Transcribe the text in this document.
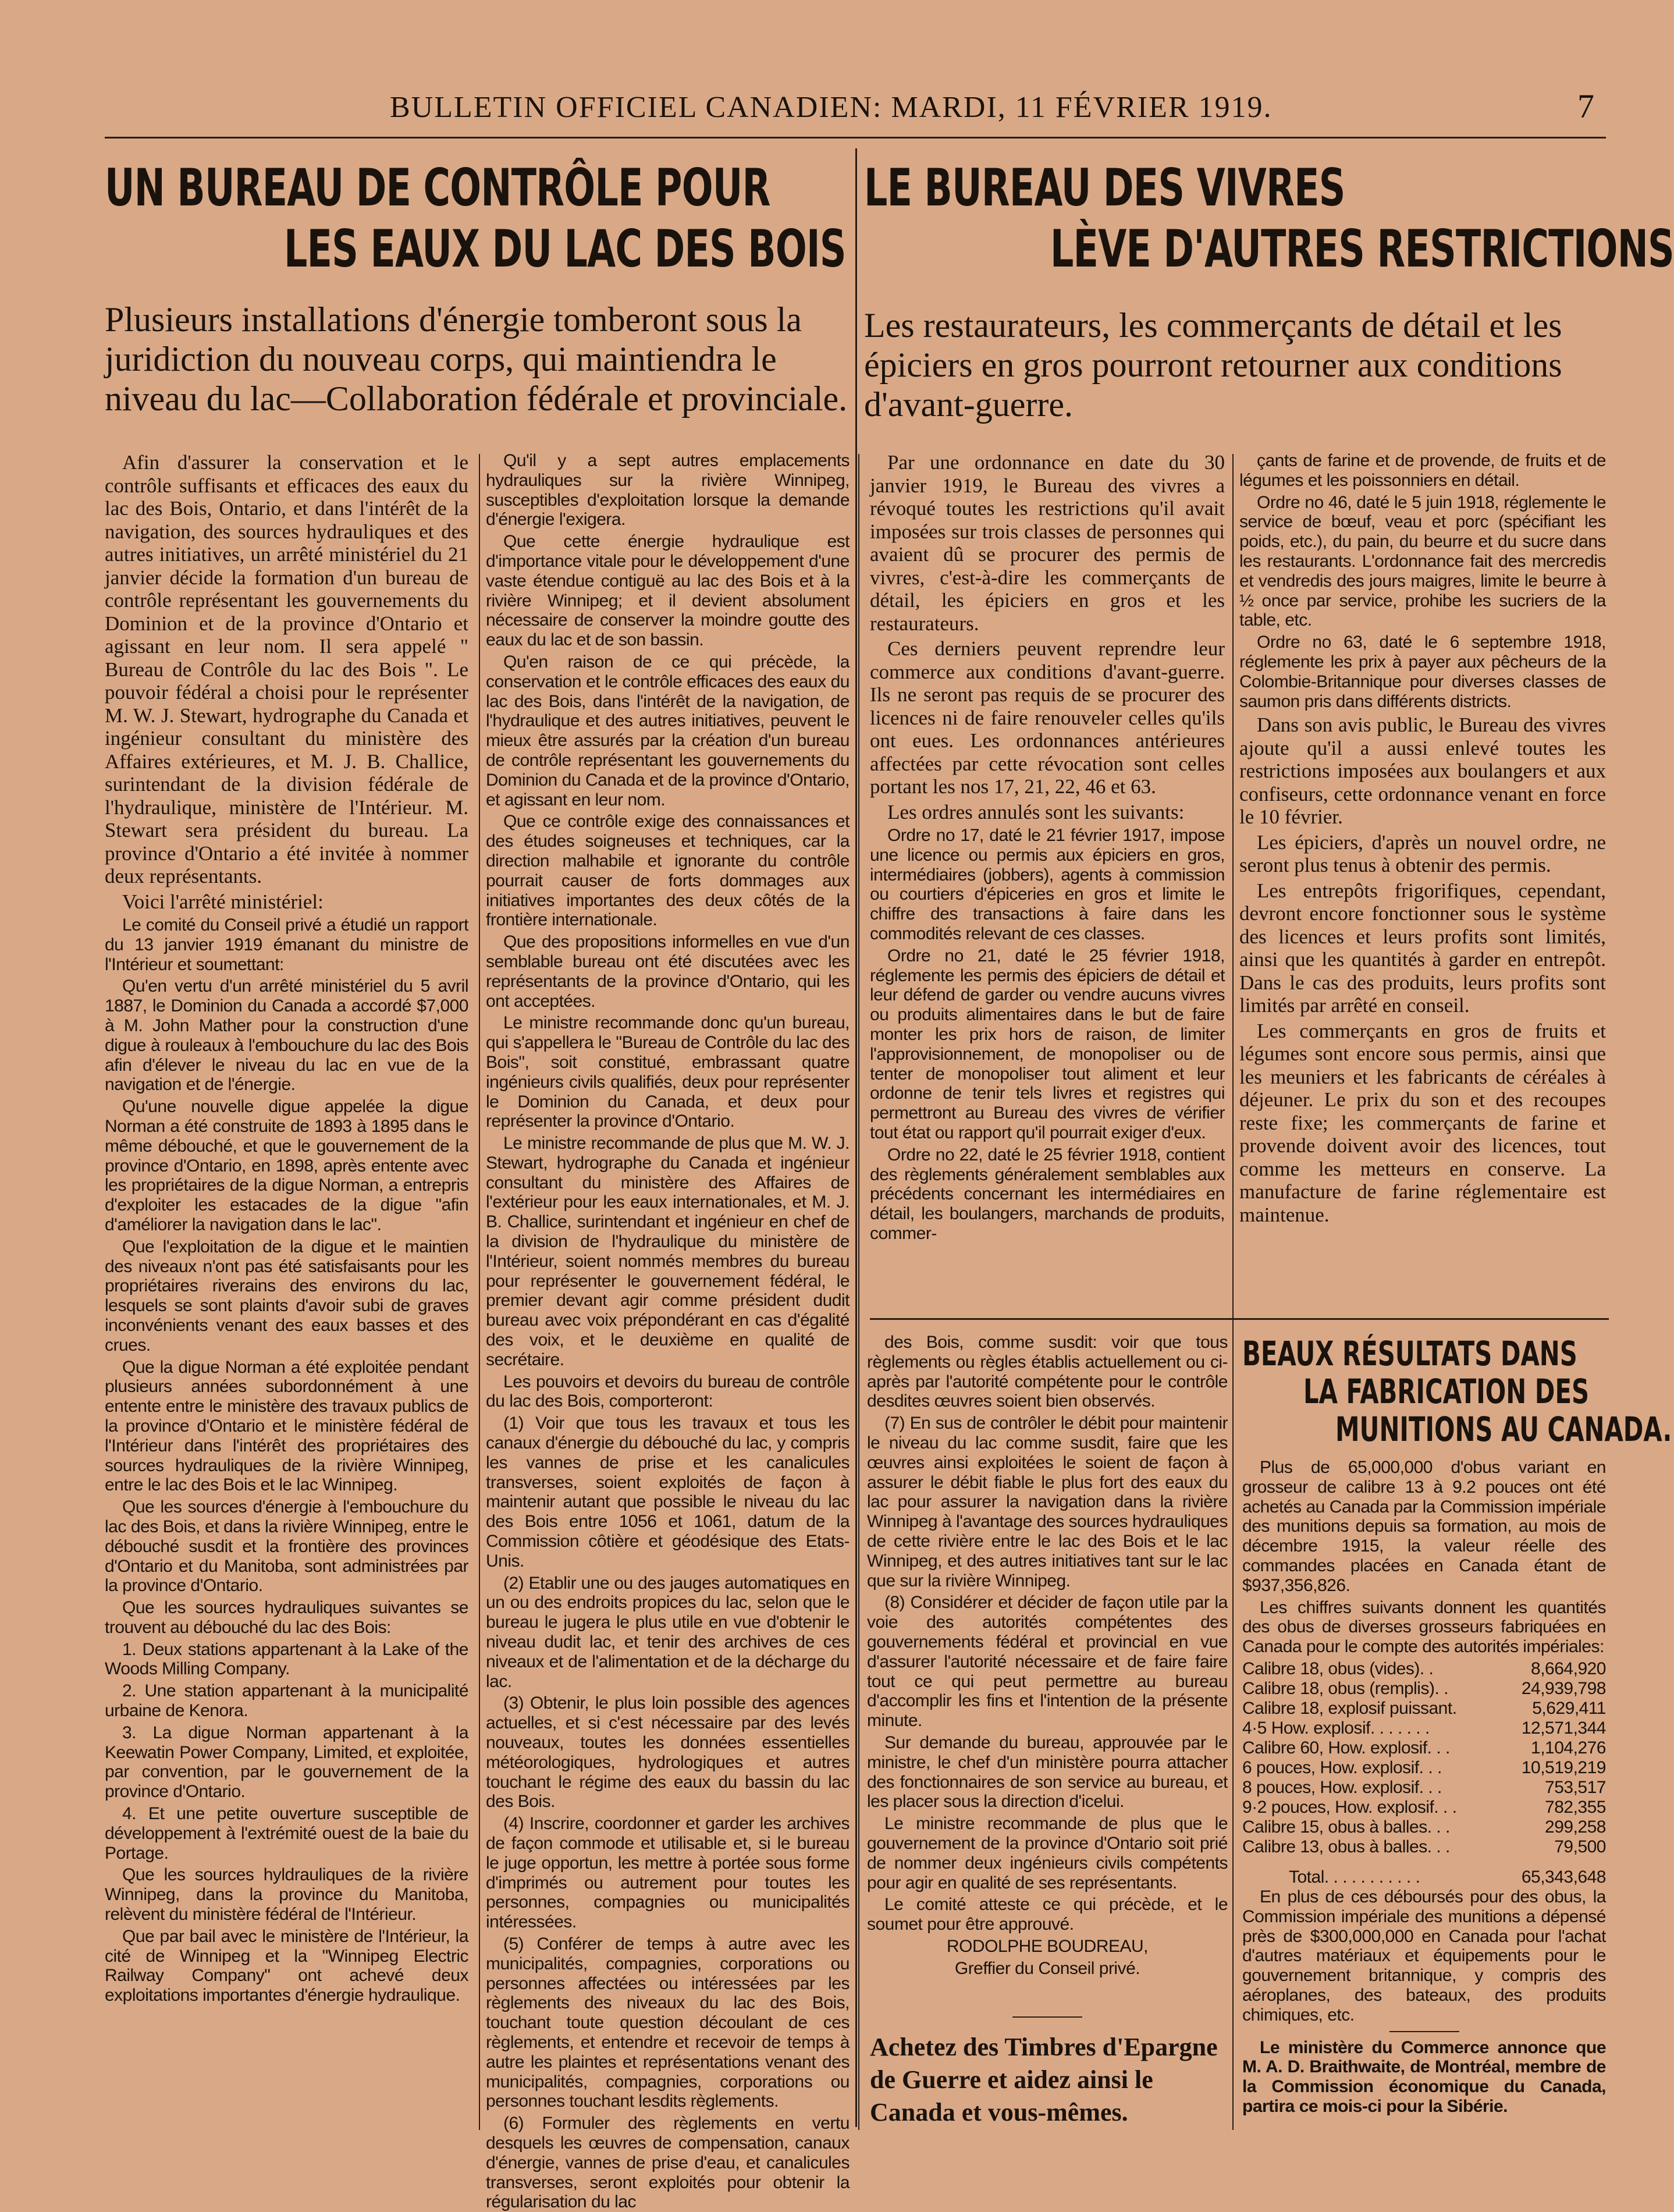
BULLETIN OFFICIEL CANADIEN: MARDI, 11 FÉVRIER 1919.	7
UN BUREAU DE CONTRÔLE POUR
LES EAUX DU LAC DES BOIS
Plusieurs installations d'énergie tomberont sous la juridiction du nouveau corps, qui maintiendra le niveau du lac—Collaboration fédérale et provinciale.

Afin d'assurer la conservation et le contrôle suffisants et efficaces des eaux du lac des Bois, Ontario, et dans l'intérêt de la navigation, des sources hydrauliques et des autres initiatives, un arrêté ministériel du 21 janvier décide la formation d'un bureau de contrôle représentant les gouvernements du Dominion et de la province d'Ontario et agissant en leur nom. Il sera appelé " Bureau de Contrôle du lac des Bois ". Le pouvoir fédéral a choisi pour le représenter M. W. J. Stewart, hydrographe du Canada et ingénieur consultant du ministère des Affaires extérieures, et M. J. B. Challice, surintendant de la division fédérale de l'hydraulique, ministère de l'Intérieur. M. Stewart sera président du bureau. La province d'Ontario a été invitée à nommer deux représentants.

Voici l'arrêté ministériel:

Le comité du Conseil privé a étudié un rapport du 13 janvier 1919 émanant du ministre de l'Intérieur et soumettant:

Qu'en vertu d'un arrêté ministériel du 5 avril 1887, le Dominion du Canada a accordé $7,000 à M. John Mather pour la construction d'une digue à rouleaux à l'embouchure du lac des Bois afin d'élever le niveau du lac en vue de la navigation et de l'énergie.

Qu'une nouvelle digue appelée la digue Norman a été construite de 1893 à 1895 dans le même débouché, et que le gouvernement de la province d'Ontario, en 1898, après entente avec les propriétaires de la digue Norman, a entrepris d'exploiter les estacades de la digue "afin d'améliorer la navigation dans le lac".

Que l'exploitation de la digue et le maintien des niveaux n'ont pas été satisfaisants pour les propriétaires riverains des environs du lac, lesquels se sont plaints d'avoir subi de graves inconvénients venant des eaux basses et des crues.

Que la digue Norman a été exploitée pendant plusieurs années subordonnément à une entente entre le ministère des travaux publics de la province d'Ontario et le ministère fédéral de l'Intérieur dans l'intérêt des propriétaires des sources hydrauliques de la rivière Winnipeg, entre le lac des Bois et le lac Winnipeg.

Que les sources d'énergie à l'embouchure du lac des Bois, et dans la rivière Winnipeg, entre le débouché susdit et la frontière des provinces d'Ontario et du Manitoba, sont administrées par la province d'Ontario.

Que les sources hydrauliques suivantes se trouvent au débouché du lac des Bois:

1. Deux stations appartenant à la Lake of the Woods Milling Company.

2. Une station appartenant à la municipalité urbaine de Kenora.

3. La digue Norman appartenant à la Keewatin Power Company, Limited, et exploitée, par convention, par le gouvernement de la province d'Ontario.

4. Et une petite ouverture susceptible de développement à l'extrémité ouest de la baie du Portage.

Que les sources hyldrauliques de la rivière Winnipeg, dans la province du Manitoba, relèvent du ministère fédéral de l'Intérieur.

Que par bail avec le ministère de l'Intérieur, la cité de Winnipeg et la "Winnipeg Electric Railway Company" ont achevé deux exploitations importantes d'énergie hydraulique.

Qu'il y a sept autres emplacements hydrauliques sur la rivière Winnipeg, susceptibles d'exploitation lorsque la demande d'énergie l'exigera.

Que cette énergie hydraulique est d'importance vitale pour le développement d'une vaste étendue contiguë au lac des Bois et à la rivière Winnipeg; et il devient absolument nécessaire de conserver la moindre goutte des eaux du lac et de son bassin.

Qu'en raison de ce qui précède, la conservation et le contrôle efficaces des eaux du lac des Bois, dans l'intérêt de la navigation, de l'hydraulique et des autres initiatives, peuvent le mieux être assurés par la création d'un bureau de contrôle représentant les gouvernements du Dominion du Canada et de la province d'Ontario, et agissant en leur nom.

Que ce contrôle exige des connaissances et des études soigneuses et techniques, car la direction malhabile et ignorante du contrôle pourrait causer de forts dommages aux initiatives importantes des deux côtés de la frontière internationale.

Que des propositions informelles en vue d'un semblable bureau ont été discutées avec les représentants de la province d'Ontario, qui les ont acceptées.

Le ministre recommande donc qu'un bureau, qui s'appellera le "Bureau de Contrôle du lac des Bois", soit constitué, embrassant quatre ingénieurs civils qualifiés, deux pour représenter le Dominion du Canada, et deux pour représenter la province d'Ontario.

Le ministre recommande de plus que M. W. J. Stewart, hydrographe du Canada et ingénieur consultant du ministère des Affaires de l'extérieur pour les eaux internationales, et M. J. B. Challice, surintendant et ingénieur en chef de la division de l'hydraulique du ministère de l'Intérieur, soient nommés membres du bureau pour représenter le gouvernement fédéral, le premier devant agir comme président dudit bureau avec voix prépondérant en cas d'égalité des voix, et le deuxième en qualité de secrétaire.

Les pouvoirs et devoirs du bureau de contrôle du lac des Bois, comporteront:

(1) Voir que tous les travaux et tous les canaux d'énergie du débouché du lac, y compris les vannes de prise et les canalicules transverses, soient exploités de façon à maintenir autant que possible le niveau du lac des Bois entre 1056 et 1061, datum de la Commission côtière et géodésique des Etats-Unis.

(2) Etablir une ou des jauges automatiques en un ou des endroits propices du lac, selon que le bureau le jugera le plus utile en vue d'obtenir le niveau dudit lac, et tenir des archives de ces niveaux et de l'alimentation et de la décharge du lac.

(3) Obtenir, le plus loin possible des agences actuelles, et si c'est nécessaire par des levés nouveaux, toutes les données essentielles météorologiques, hydrologiques et autres touchant le régime des eaux du bassin du lac des Bois.

(4) Inscrire, coordonner et garder les archives de façon commode et utilisable et, si le bureau le juge opportun, les mettre à portée sous forme d'imprimés ou autrement pour toutes les personnes, compagnies ou municipalités intéressées.

(5) Conférer de temps à autre avec les municipalités, compagnies, corporations ou personnes affectées ou intéressées par les règlements des niveaux du lac des Bois, touchant toute question découlant de ces règlements, et entendre et recevoir de temps à autre les plaintes et représentations venant des municipalités, compagnies, corporations ou personnes touchant lesdits règlements.

(6) Formuler des règlements en vertu desquels les œuvres de compensation, canaux d'énergie, vannes de prise d'eau, et canalicules transverses, seront exploités pour obtenir la régularisation du lac

des Bois, comme susdit: voir que tous règlements ou règles établis actuellement ou ci-après par l'autorité compétente pour le contrôle desdites œuvres soient bien observés.

(7) En sus de contrôler le débit pour maintenir le niveau du lac comme susdit, faire que les œuvres ainsi exploitées le soient de façon à assurer le débit fiable le plus fort des eaux du lac pour assurer la navigation dans la rivière Winnipeg à l'avantage des sources hydrauliques de cette rivière entre le lac des Bois et le lac Winnipeg, et des autres initiatives tant sur le lac que sur la rivière Winnipeg.

(8) Considérer et décider de façon utile par la voie des autorités compétentes des gouvernements fédéral et provincial en vue d'assurer l'autorité nécessaire et de faire faire tout ce qui peut permettre au bureau d'accomplir les fins et l'intention de la présente minute.

Sur demande du bureau, approuvée par le ministre, le chef d'un ministère pourra attacher des fonctionnaires de son service au bureau, et les placer sous la direction d'icelui.

Le ministre recommande de plus que le gouvernement de la province d'Ontario soit prié de nommer deux ingénieurs civils compétents pour agir en qualité de ses représentants.

Le comité atteste ce qui précède, et le soumet pour être approuvé.

RODOLPHE BOUDREAU,

Greffier du Conseil privé.

Achetez des Timbres d'Epargne de Guerre et aidez ainsi le Canada et vous-mêmes.
LE BUREAU DES VIVRES
LÈVE D'AUTRES RESTRICTIONS
Les restaurateurs, les commerçants de détail et les épiciers en gros pourront retourner aux conditions d'avant-guerre.

Par une ordonnance en date du 30 janvier 1919, le Bureau des vivres a révoqué toutes les restrictions qu'il avait imposées sur trois classes de personnes qui avaient dû se procurer des permis de vivres, c'est-à-dire les commerçants de détail, les épiciers en gros et les restaurateurs.

Ces derniers peuvent reprendre leur commerce aux conditions d'avant-guerre. Ils ne seront pas requis de se procurer des licences ni de faire renouveler celles qu'ils ont eues. Les ordonnances antérieures affectées par cette révocation sont celles portant les nos 17, 21, 22, 46 et 63.

Les ordres annulés sont les suivants:

Ordre no 17, daté le 21 février 1917, impose une licence ou permis aux épiciers en gros, intermédiaires (jobbers), agents à commission ou courtiers d'épiceries en gros et limite le chiffre des transactions à faire dans les commodités relevant de ces classes.

Ordre no 21, daté le 25 février 1918, réglemente les permis des épiciers de détail et leur défend de garder ou vendre aucuns vivres ou produits alimentaires dans le but de faire monter les prix hors de raison, de limiter l'approvisionnement, de monopoliser ou de tenter de monopoliser tout aliment et leur ordonne de tenir tels livres et registres qui permettront au Bureau des vivres de vérifier tout état ou rapport qu'il pourrait exiger d'eux.

Ordre no 22, daté le 25 février 1918, contient des règlements généralement semblables aux précédents concernant les intermédiaires en détail, les boulangers, marchands de produits, commer-

çants de farine et de provende, de fruits et de légumes et les poissonniers en détail.

Ordre no 46, daté le 5 juin 1918, réglemente le service de bœuf, veau et porc (spécifiant les poids, etc.), du pain, du beurre et du sucre dans les restaurants. L'ordonnance fait des mercredis et vendredis des jours maigres, limite le beurre à ½ once par service, prohibe les sucriers de la table, etc.

Ordre no 63, daté le 6 septembre 1918, réglemente les prix à payer aux pêcheurs de la Colombie-Britannique pour diverses classes de saumon pris dans différents districts.

Dans son avis public, le Bureau des vivres ajoute qu'il a aussi enlevé toutes les restrictions imposées aux boulangers et aux confiseurs, cette ordonnance venant en force le 10 février.

Les épiciers, d'après un nouvel ordre, ne seront plus tenus à obtenir des permis.

Les entrepôts frigorifiques, cependant, devront encore fonctionner sous le système des licences et leurs profits sont limités, ainsi que les quantités à garder en entrepôt. Dans le cas des produits, leurs profits sont limités par arrêté en conseil.

Les commerçants en gros de fruits et légumes sont encore sous permis, ainsi que les meuniers et les fabricants de céréales à déjeuner. Le prix du son et des recoupes reste fixe; les commerçants de farine et provende doivent avoir des licences, tout comme les metteurs en conserve. La manufacture de farine réglementaire est maintenue.

BEAUX RÉSULTATS DANS
LA FABRICATION DES
MUNITIONS AU CANADA.

Plus de 65,000,000 d'obus variant en grosseur de calibre 13 à 9.2 pouces ont été achetés au Canada par la Commission impériale des munitions depuis sa formation, au mois de décembre 1915, la valeur réelle des commandes placées en Canada étant de $937,356,826.

Les chiffres suivants donnent les quantités des obus de diverses grosseurs fabriquées en Canada pour le compte des autorités impériales:

Calibre 18, obus (vides). .	8,664,920
Calibre 18, obus (remplis). .	24,939,798
Calibre 18, explosif puissant.	5,629,411
4·5 How. explosif. . . . . . .	12,571,344
Calibre 60, How. explosif. . .	1,104,276
6 pouces, How. explosif. . .	10,519,219
8 pouces, How. explosif. . .	753,517
9·2 pouces, How. explosif. . .	782,355
Calibre 15, obus à balles. . .	299,258
Calibre 13, obus à balles. . .	79,500
Total. . . . . . . . . . .	65,343,648

En plus de ces déboursés pour des obus, la Commission impériale des munitions a dépensé près de $300,000,000 en Canada pour l'achat d'autres matériaux et équipements pour le gouvernement britannique, y compris des aéroplanes, des bateaux, des produits chimiques, etc.

Le ministère du Commerce annonce que M. A. D. Braithwaite, de Montréal, membre de la Commission économique du Canada, partira ce mois-ci pour la Sibérie.
